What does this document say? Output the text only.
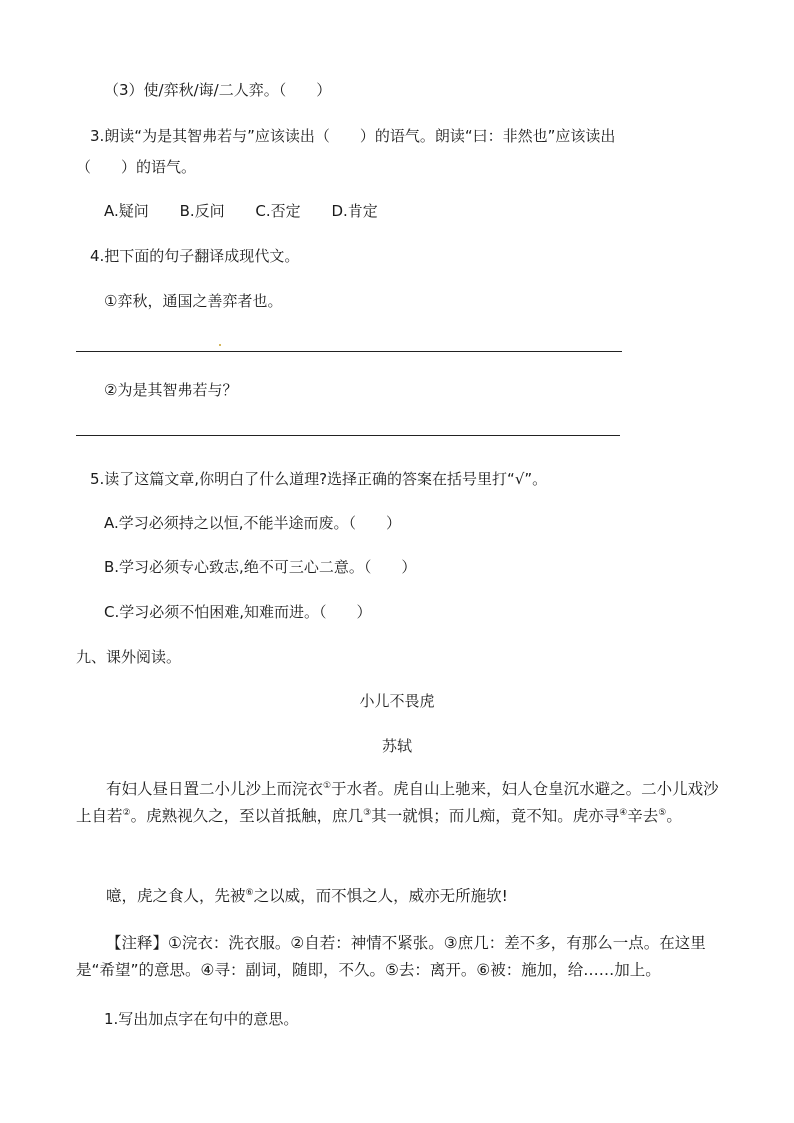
（3）使/弈秋/诲/二人弈。（　　）
3.朗读“为是其智弗若与”应该读出（　　）的语气。朗读“曰：非然也”应该读出
（　　）的语气。
A.疑问 B.反问 C.否定 D.肯定
4.把下面的句子翻译成现代文。
①弈秋，通国之善弈者也。
②为是其智弗若与？
5.读了这篇文章,你明白了什么道理?选择正确的答案在括号里打“√”。
A.学习必须持之以恒,不能半途而废。（　　）
B.学习必须专心致志,绝不可三心二意。（　　）
C.学习必须不怕困难,知难而进。（　　）
九、课外阅读。
小儿不畏虎
苏轼
有妇人昼日置二小儿沙上而浣衣①于水者。虎自山上驰来，妇人仓皇沉水避之。二小儿戏沙上自若②。虎熟视久之，至以首抵触，庶几③其一就惧；而儿痴，竟不知。虎亦寻④辛去⑤。
噫，虎之食人，先被⑥之以威，而不惧之人，威亦无所施欤!
【注释】①浣衣：洗衣服。②自若：神情不紧张。③庶几：差不多，有那么一点。在这里是“希望”的意思。④寻：副词，随即，不久。⑤去：离开。⑥被：施加，给……加上。
1.写出加点字在句中的意思。
